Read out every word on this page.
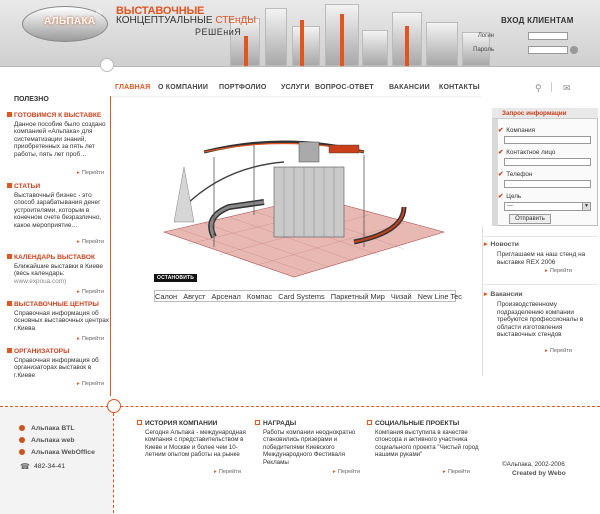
АЛЬПАКА
® ВЫСТАВОЧНЫЕ
КОНЦЕПТУАЛЬНЫЕ СТЕнДЫ
РЕШЕниЯ
ВХОД КЛИЕНТАМ
Логин
Пароль
ГЛАВНАЯ О КОМПАНИИ ПОРТФОЛИО УСЛУГИ ВОПРОС-ОТВЕТ ВАКАНСИИ КОНТАКТЫ	⚲ ✉
ПОЛЕЗНО
ГОТОВИМСЯ К ВЫСТАВКЕ
Данное пособие было создано компанией «Альпака» для систематизации знаний, приобретенных за пять лет работы, пять лет проб…
▸ Перейти
СТАТЬИ
Выставочный бизнес - это способ зарабатывания денег устроителями, которым в конечном счете безразлично, какое мероприятие…
▸ Перейти
КАЛЕНДАРЬ ВЫСТАВОК
Ближайшие выставки в Киеве (весь календарь: www.expoua.com)
▸ Перейти
ВЫСТАВОЧНЫЕ ЦЕНТРЫ
Справочная информация об основных выставочных центрах г.Киева
▸ Перейти
ОРГАНИЗАТОРЫ
Справочная информация об организаторах выставок в г.Киеве
▸ Перейти
ОСТАНОВИТЬ
Салон Август Арсенал Компас Card Systems Паркетный Мир Чизай New Line Tec
Запрос информации
✔ Компания
✔ Контактное лицо
✔ Телефон
✔ Цель
---	▼
Отправить
▸ Новости
Приглашаем на наш стенд на выставке REX 2006
▸ Перейти
▸ Вакансии
Производственному подразделению компании требуются профессионалы в области изготовления выставочных стендов
▸ Перейти
Альпака BTL
Альпака web
Альпака WebOffice
☎ 482-34-41
ИСТОРИЯ КОМПАНИИ
Сегодня Альпака - международная компания с представительством в Киеве и Москве и более чем 10-летним опытом работы на рынке
▸ Перейти
НАГРАДЫ
Работы компании неоднократно становились призерами и победителями Киевского Международного Фестиваля Рекламы
▸ Перейти
СОЦИАЛЬНЫЕ ПРОЕКТЫ
Компания выступила в качестве спонсора и активного участника социального проекта "Чистый город нашими руками"
▸ Перейти
©Альпака, 2002-2006
Created by Webo
